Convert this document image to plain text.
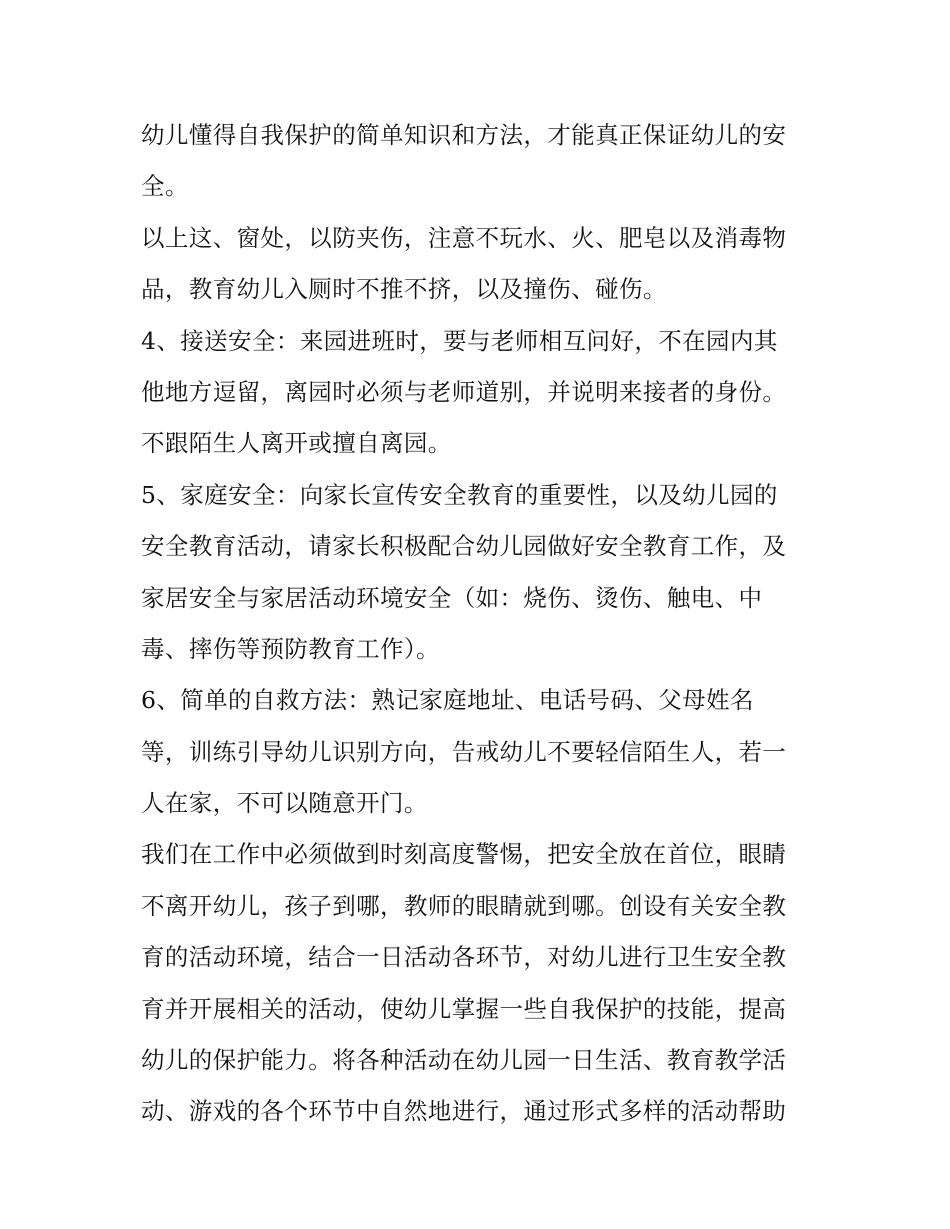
幼儿懂得自我保护的简单知识和方法，才能真正保证幼儿的安
全。
以上这、窗处，以防夹伤，注意不玩水、火、肥皂以及消毒物
品，教育幼儿入厕时不推不挤，以及撞伤、碰伤。
4、接送安全：来园进班时，要与老师相互问好，不在园内其
他地方逗留，离园时必须与老师道别，并说明来接者的身份。
不跟陌生人离开或擅自离园。
5、家庭安全：向家长宣传安全教育的重要性，以及幼儿园的
安全教育活动，请家长积极配合幼儿园做好安全教育工作，及
家居安全与家居活动环境安全（如：烧伤、烫伤、触电、中
毒、摔伤等预防教育工作）。
6、简单的自救方法：熟记家庭地址、电话号码、父母姓名
等，训练引导幼儿识别方向，告戒幼儿不要轻信陌生人，若一
人在家，不可以随意开门。
我们在工作中必须做到时刻高度警惕，把安全放在首位，眼睛
不离开幼儿，孩子到哪，教师的眼睛就到哪。创设有关安全教
育的活动环境，结合一日活动各环节，对幼儿进行卫生安全教
育并开展相关的活动，使幼儿掌握一些自我保护的技能，提高
幼儿的保护能力。将各种活动在幼儿园一日生活、教育教学活
动、游戏的各个环节中自然地进行，通过形式多样的活动帮助
